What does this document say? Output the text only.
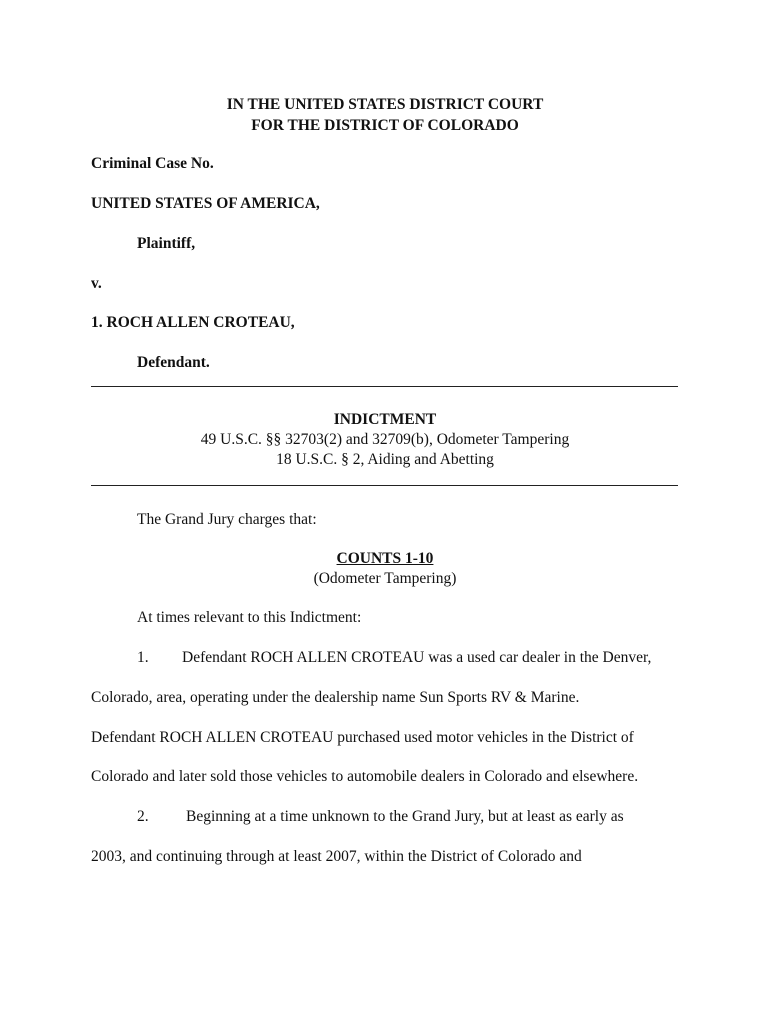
IN THE UNITED STATES DISTRICT COURT
FOR THE DISTRICT OF COLORADO
Criminal Case No.
UNITED STATES OF AMERICA,
Plaintiff,
v.
1. ROCH ALLEN CROTEAU,
Defendant.
INDICTMENT
49 U.S.C. §§ 32703(2) and 32709(b), Odometer Tampering
18 U.S.C. § 2, Aiding and Abetting
The Grand Jury charges that:
COUNTS 1-10
(Odometer Tampering)
At times relevant to this Indictment:
1. Defendant ROCH ALLEN CROTEAU was a used car dealer in the Denver,
Colorado, area, operating under the dealership name Sun Sports RV & Marine.
Defendant ROCH ALLEN CROTEAU purchased used motor vehicles in the District of
Colorado and later sold those vehicles to automobile dealers in Colorado and elsewhere.
2. Beginning at a time unknown to the Grand Jury, but at least as early as
2003, and continuing through at least 2007, within the District of Colorado and
